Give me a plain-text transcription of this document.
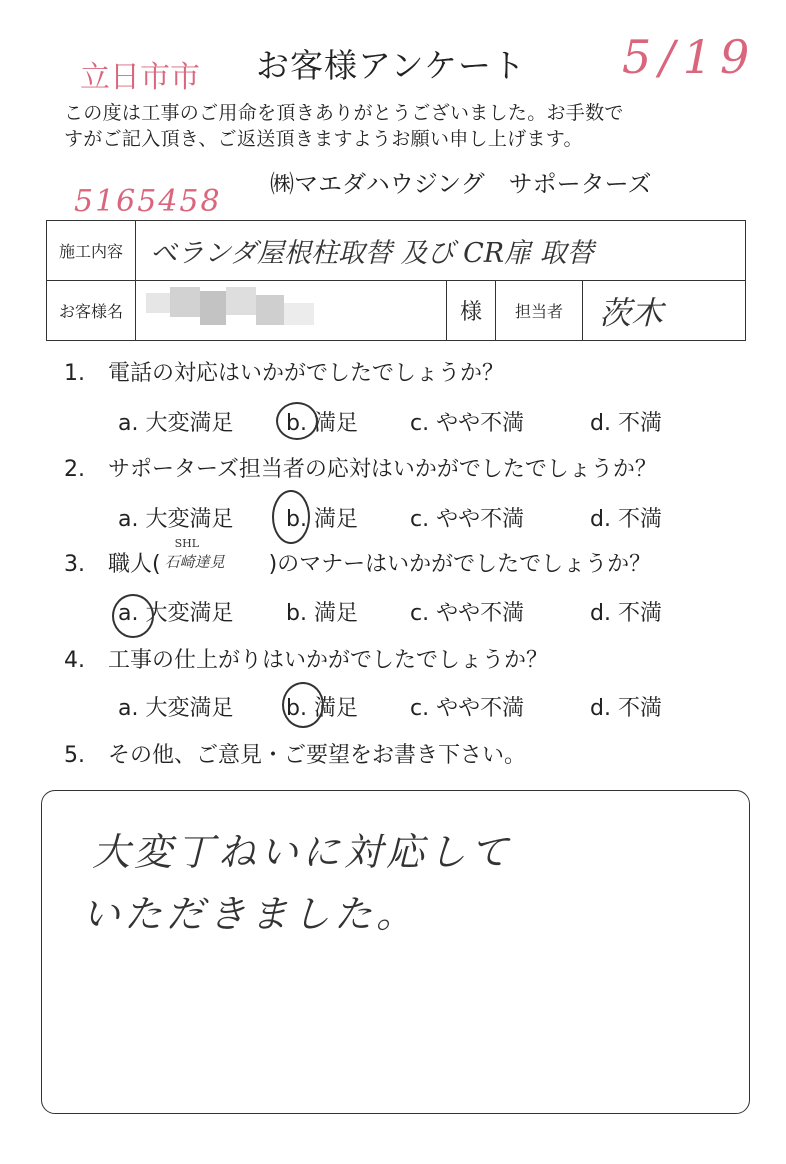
立日市市 お客様アンケート 5/19
この度は工事のご用命を頂きありがとうございました。お手数で
すがご記入頂き、ご返送頂きますようお願い申し上げます。
㈱マエダハウジング　サポーターズ
5165458
施工内容	ベランダ屋根柱取替 及び CR扉 取替			
お客様名		様	担当者	茨木
1. 電話の対応はいかがでしたでしょうか？
a. 大変満足 b. 満足 c. やや不満	d. 不満
2. サポーターズ担当者の応対はいかがでしたでしょうか？
a. 大変満足 b. 満足 c. やや不満	d. 不満
3. 職人(
SHL
石崎達見 )のマナーはいかがでしたでしょうか？
a. 大変満足 b. 満足 c. やや不満	d. 不満
4. 工事の仕上がりはいかがでしたでしょうか？
a. 大変満足 b. 満足 c. やや不満	d. 不満
5. その他、ご意見・ご要望をお書き下さい。
大変丁ねいに対応して
いただきました。
